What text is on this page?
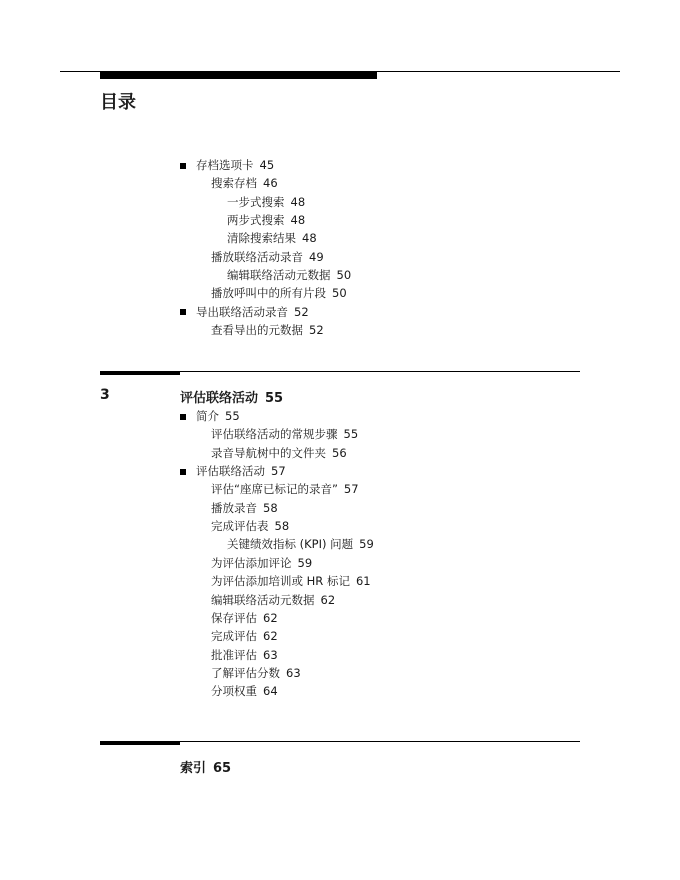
目录
存档选项卡 45
搜索存档 46
一步式搜索 48
两步式搜索 48
清除搜索结果 48
播放联络活动录音 49
编辑联络活动元数据 50
播放呼叫中的所有片段 50
导出联络活动录音 52
查看导出的元数据 52
3	评估联络活动 55
简介 55
评估联络活动的常规步骤 55
录音导航树中的文件夹 56
评估联络活动 57
评估“座席已标记的录音” 57
播放录音 58
完成评估表 58
关键绩效指标 (KPI) 问题 59
为评估添加评论 59
为评估添加培训或 HR 标记 61
编辑联络活动元数据 62
保存评估 62
完成评估 62
批准评估 63
了解评估分数 63
分项权重 64
索引 65
